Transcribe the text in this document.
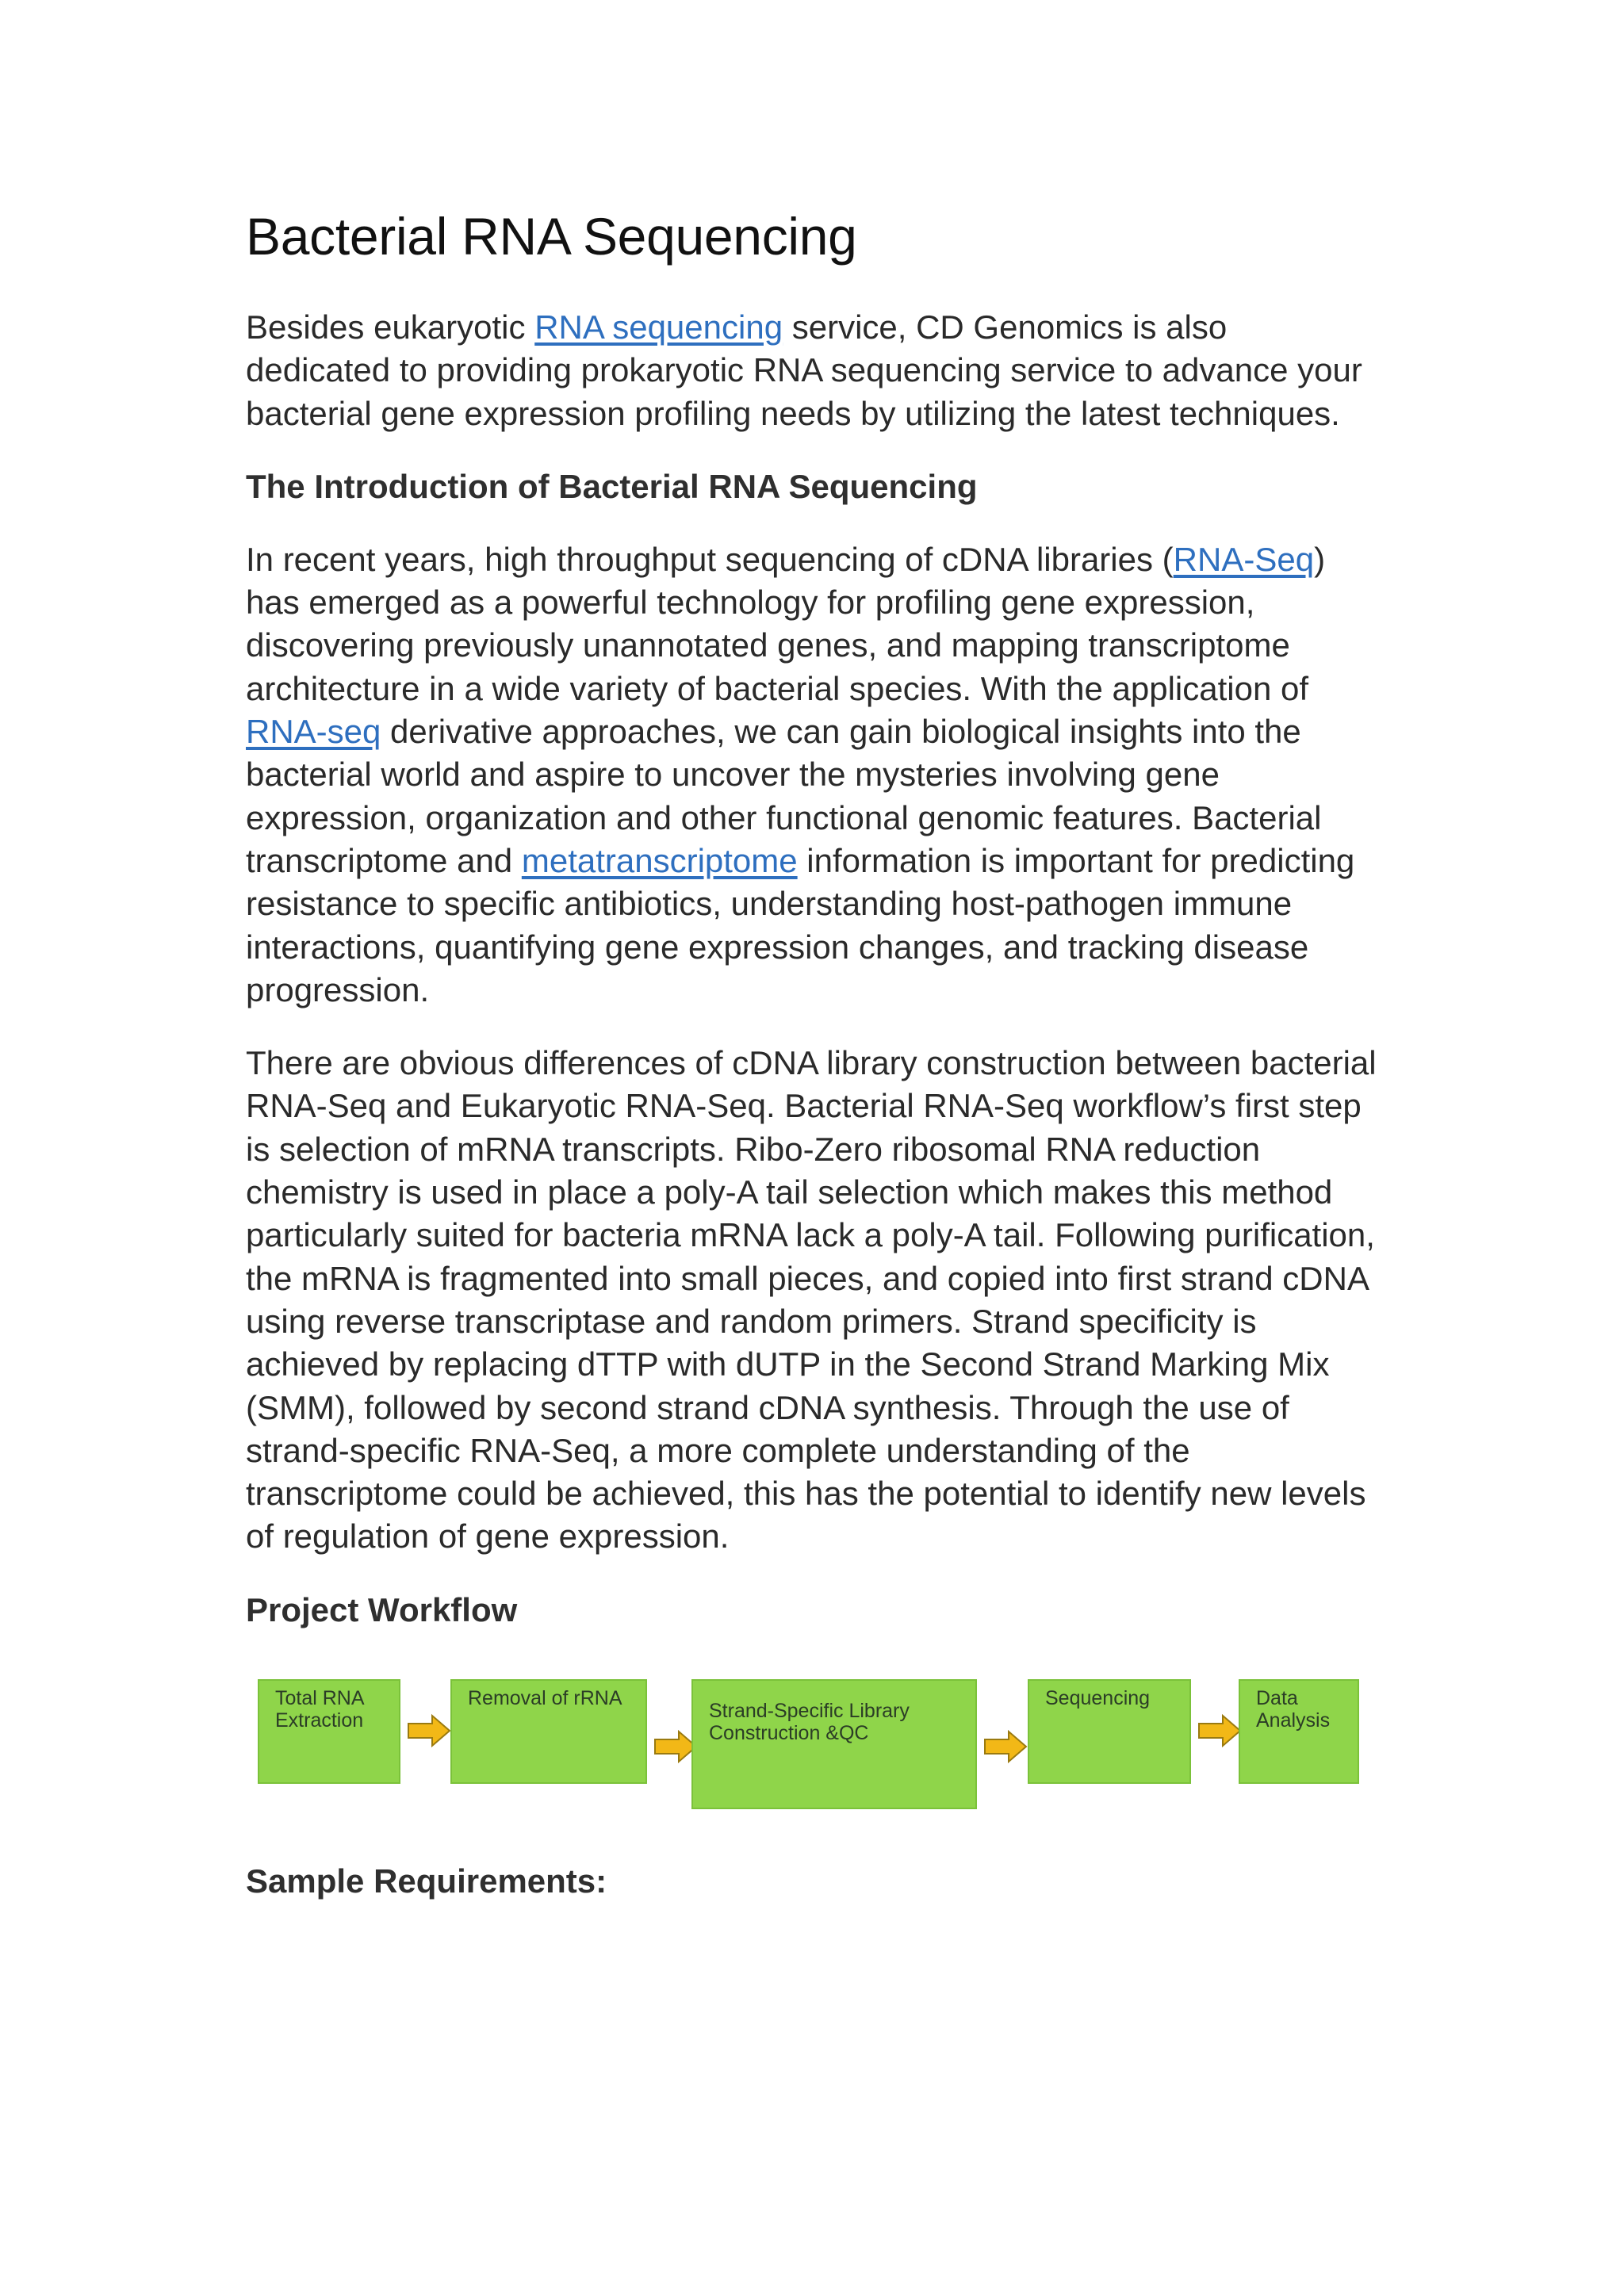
Bacterial RNA Sequencing

Besides eukaryotic RNA sequencing service, CD Genomics is also dedicated to providing prokaryotic RNA sequencing service to advance your bacterial gene expression profiling needs by utilizing the latest techniques.

The Introduction of Bacterial RNA Sequencing

In recent years, high throughput sequencing of cDNA libraries (RNA-Seq) has emerged as a powerful technology for profiling gene expression, discovering previously unannotated genes, and mapping transcriptome architecture in a wide variety of bacterial species. With the application of RNA-seq derivative approaches, we can gain biological insights into the bacterial world and aspire to uncover the mysteries involving gene expression, organization and other functional genomic features. Bacterial transcriptome and metatranscriptome information is important for predicting resistance to specific antibiotics, understanding host-pathogen immune interactions, quantifying gene expression changes, and tracking disease progression.

There are obvious differences of cDNA library construction between bacterial RNA-Seq and Eukaryotic RNA-Seq. Bacterial RNA-Seq workflow’s first step is selection of mRNA transcripts. Ribo-Zero ribosomal RNA reduction chemistry is used in place a poly-A tail selection which makes this method particularly suited for bacteria mRNA lack a poly-A tail. Following purification, the mRNA is fragmented into small pieces, and copied into first strand cDNA using reverse transcriptase and random primers. Strand specificity is achieved by replacing dTTP with dUTP in the Second Strand Marking Mix (SMM), followed by second strand cDNA synthesis. Through the use of strand-specific RNA-Seq, a more complete understanding of the transcriptome could be achieved, this has the potential to identify new levels of regulation of gene expression.

Project Workflow
Total RNA Extraction
Removal of rRNA
Strand-Specific Library Construction &QC
Sequencing	Data Analysis
Sample Requirements:
